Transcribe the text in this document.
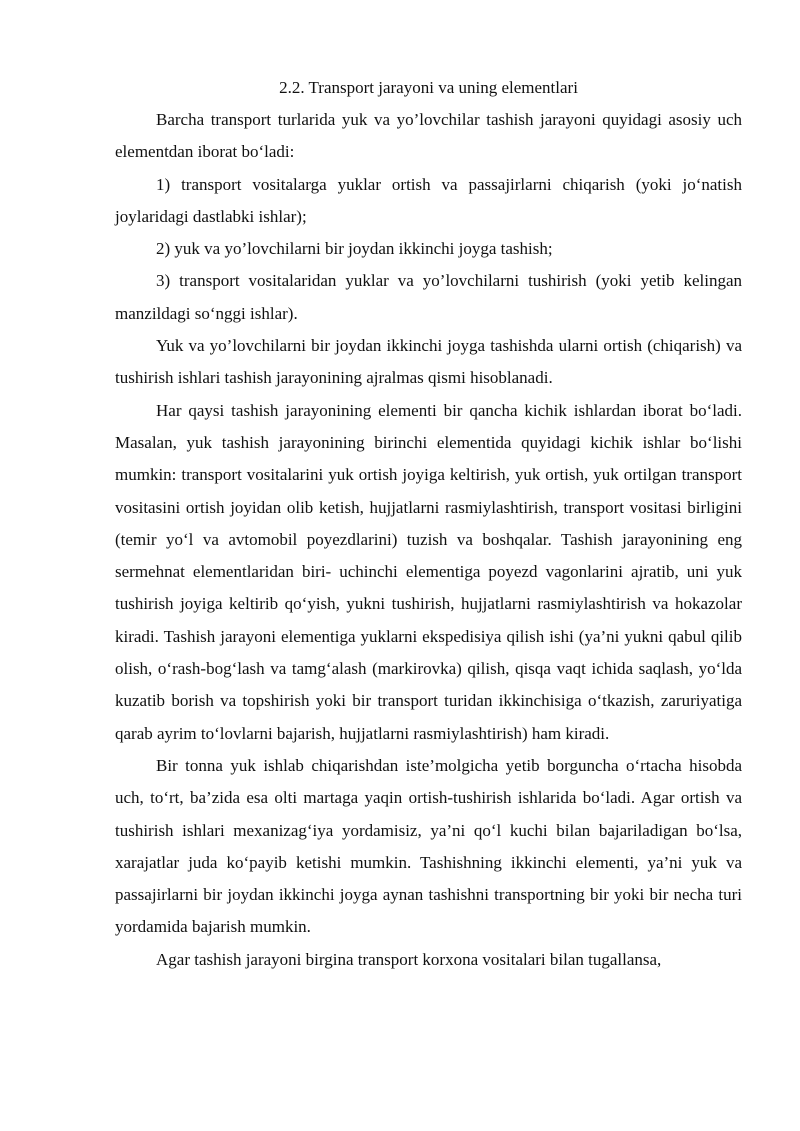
2.2. Transport jarayoni va uning elementlari

Barcha transport turlarida yuk va yo’lovchilar tashish jarayoni quyidagi asosiy uch elementdan iborat bo‘ladi:

1) transport vositalarga yuklar ortish va passajirlarni chiqarish (yoki jo‘natish joylaridagi dastlabki ishlar);

2) yuk va yo’lovchilarni bir joydan ikkinchi joyga tashish;

3) transport vositalaridan yuklar va yo’lovchilarni tushirish (yoki yetib kelingan manzildagi so‘nggi ishlar).

Yuk va yo’lovchilarni bir joydan ikkinchi joyga tashishda ularni ortish (chiqarish) va tushirish ishlari tashish jarayonining ajralmas qismi hisoblanadi.

Har qaysi tashish jarayonining elementi bir qancha kichik ishlardan iborat bo‘ladi. Masalan, yuk tashish jarayonining birinchi elementida quyidagi kichik ishlar bo‘lishi mumkin: transport vositalarini yuk ortish joyiga keltirish, yuk ortish, yuk ortilgan transport vositasini ortish joyidan olib ketish, hujjatlarni rasmiylashtirish, transport vositasi birligini (temir yo‘l va avtomobil poyezdlarini) tuzish va boshqalar. Tashish jarayonining eng sermehnat elementlaridan biri- uchinchi elementiga poyezd vagonlarini ajratib, uni yuk tushirish joyiga keltirib qo‘yish, yukni tushirish, hujjatlarni rasmiylashtirish va hokazolar kiradi. Tashish jarayoni elementiga yuklarni ekspedisiya qilish ishi (ya’ni yukni qabul qilib olish, o‘rash-bog‘lash va tamg‘alash (markirovka) qilish, qisqa vaqt ichida saqlash, yo‘lda kuzatib borish va topshirish yoki bir transport turidan ikkinchisiga o‘tkazish, zaruriyatiga qarab ayrim to‘lovlarni bajarish, hujjatlarni rasmiylashtirish) ham kiradi.

Bir tonna yuk ishlab chiqarishdan iste’molgicha yetib borguncha o‘rtacha hisobda uch, to‘rt, ba’zida esa olti martaga yaqin ortish-tushirish ishlarida bo‘ladi. Agar ortish va tushirish ishlari mexanizag‘iya yordamisiz, ya’ni qo‘l kuchi bilan bajariladigan bo‘lsa, xarajatlar juda ko‘payib ketishi mumkin. Tashishning ikkinchi elementi, ya’ni yuk va passajirlarni bir joydan ikkinchi joyga aynan tashishni transportning bir yoki bir necha turi yordamida bajarish mumkin.

Agar tashish jarayoni birgina transport korxona vositalari bilan tugallansa,
